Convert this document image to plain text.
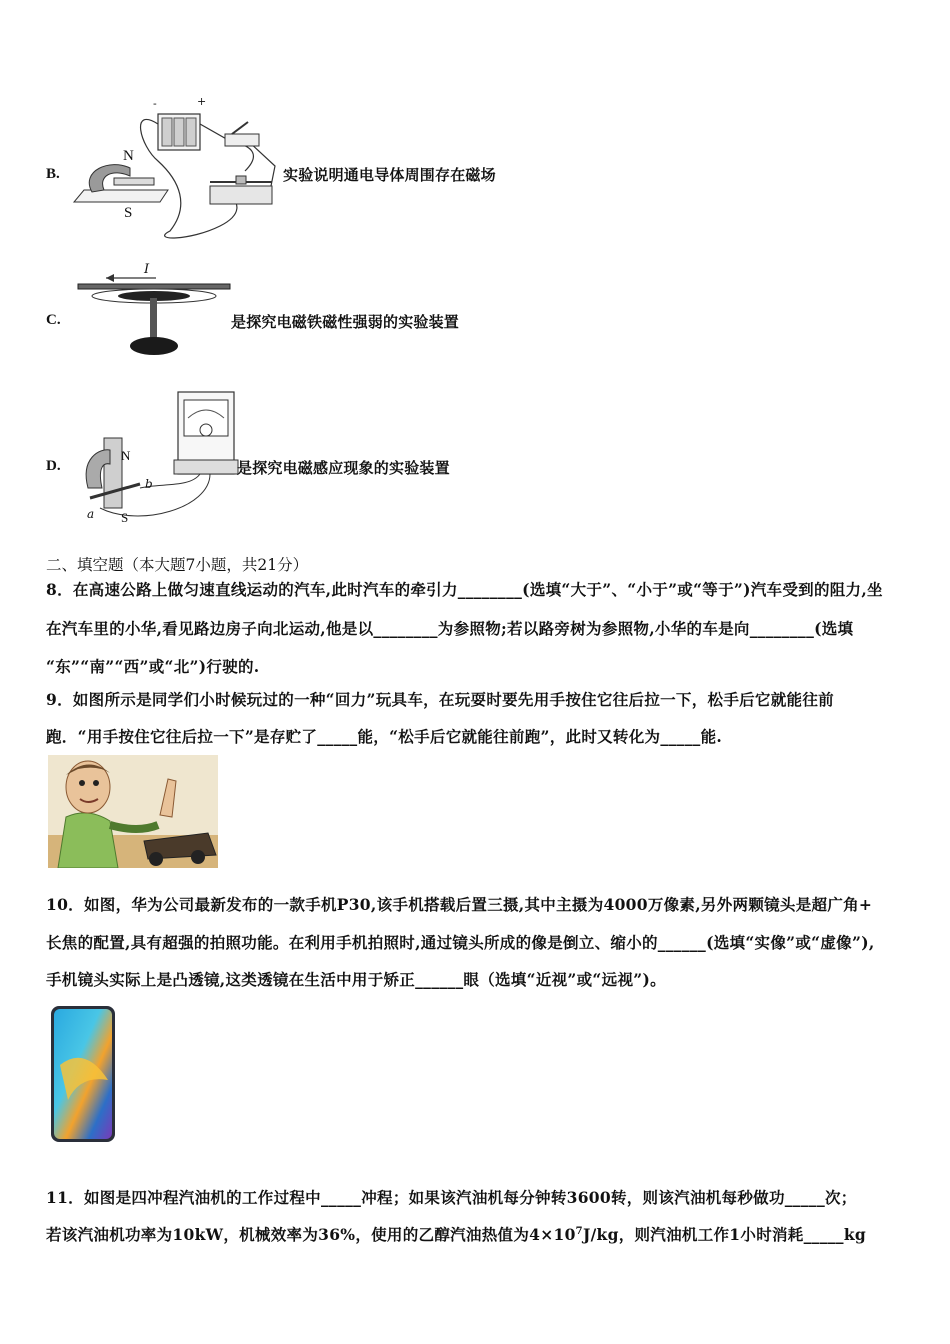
B.
N
S
-	+
实验说明通电导体周围存在磁场
C.
I
是探究电磁铁磁性强弱的实验装置
D.
N
S
a
b
是探究电磁感应现象的实验装置
二、填空题（本大题7小题，共21分）
8．在高速公路上做匀速直线运动的汽车,此时汽车的牵引力________(选填“大于”、“小于”或“等于”)汽车受到的阻力,坐
在汽车里的小华,看见路边房子向北运动,他是以________为参照物;若以路旁树为参照物,小华的车是向________(选填
“东”“南”“西”或“北”)行驶的.
9．如图所示是同学们小时候玩过的一种“回力”玩具车，在玩耍时要先用手按住它往后拉一下，松手后它就能往前
跑．“用手按住它往后拉一下”是存贮了_____能，“松手后它就能往前跑”，此时又转化为_____能.
10．如图，华为公司最新发布的一款手机P30,该手机搭载后置三摄,其中主摄为4000万像素,另外两颗镜头是超广角+
长焦的配置,具有超强的拍照功能。在利用手机拍照时,通过镜头所成的像是倒立、缩小的______(选填“实像”或“虚像”),
手机镜头实际上是凸透镜,这类透镜在生活中用于矫正______眼（选填“近视”或“远视”)。
11．如图是四冲程汽油机的工作过程中_____冲程；如果该汽油机每分钟转3600转，则该汽油机每秒做功_____次；
若该汽油机功率为10kW，机械效率为36%，使用的乙醇汽油热值为$4\times 10^7J/kg$，则汽油机工作1小时消耗_____kg
